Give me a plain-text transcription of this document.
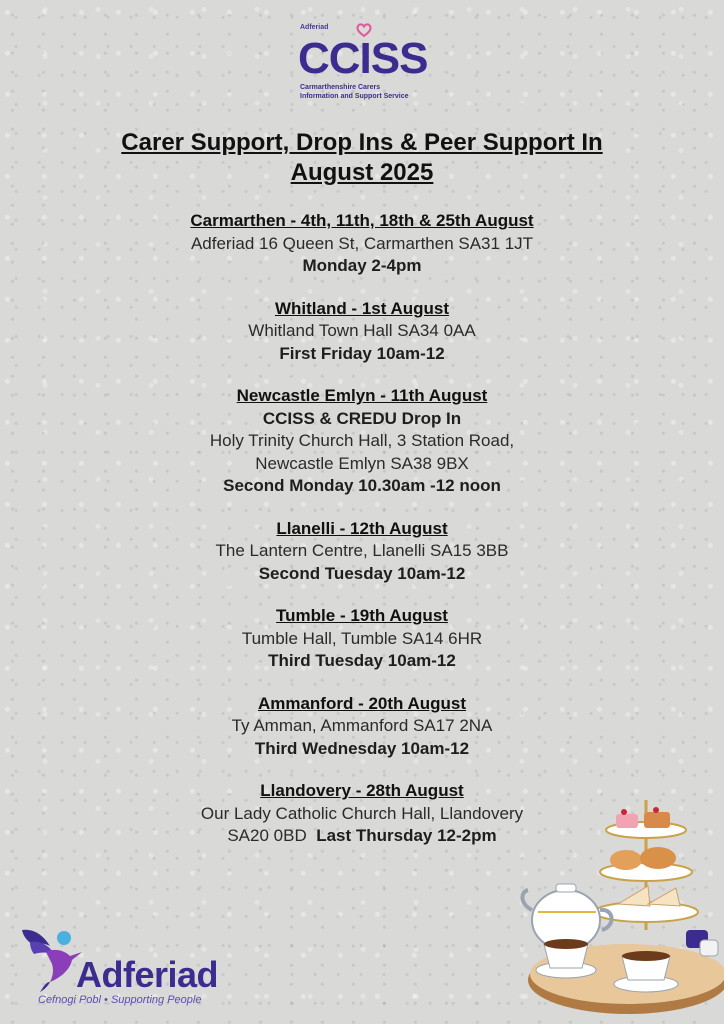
Adferiad
CCISS
Carmarthenshire Carers
Information and Support Service
Carer Support, Drop Ins & Peer Support In
August 2025
Carmarthen - 4th, 11th, 18th & 25th August
Adferiad 16 Queen St, Carmarthen SA31 1JT
Monday 2-4pm
Whitland - 1st August
Whitland Town Hall SA34 0AA
First Friday 10am-12
Newcastle Emlyn - 11th August
CCISS & CREDU Drop In
Holy Trinity Church Hall, 3 Station Road,
Newcastle Emlyn SA38 9BX
Second Monday 10.30am -12 noon
Llanelli - 12th August
The Lantern Centre, Llanelli SA15 3BB
Second Tuesday 10am-12
Tumble - 19th August
Tumble Hall, Tumble SA14 6HR
Third Tuesday 10am-12
Ammanford - 20th August
Ty Amman, Ammanford SA17 2NA
Third Wednesday 10am-12
Llandovery - 28th August
Our Lady Catholic Church Hall, Llandovery
SA20 0BD Last Thursday 12-2pm
Adferiad
Cefnogi Pobl • Supporting People
